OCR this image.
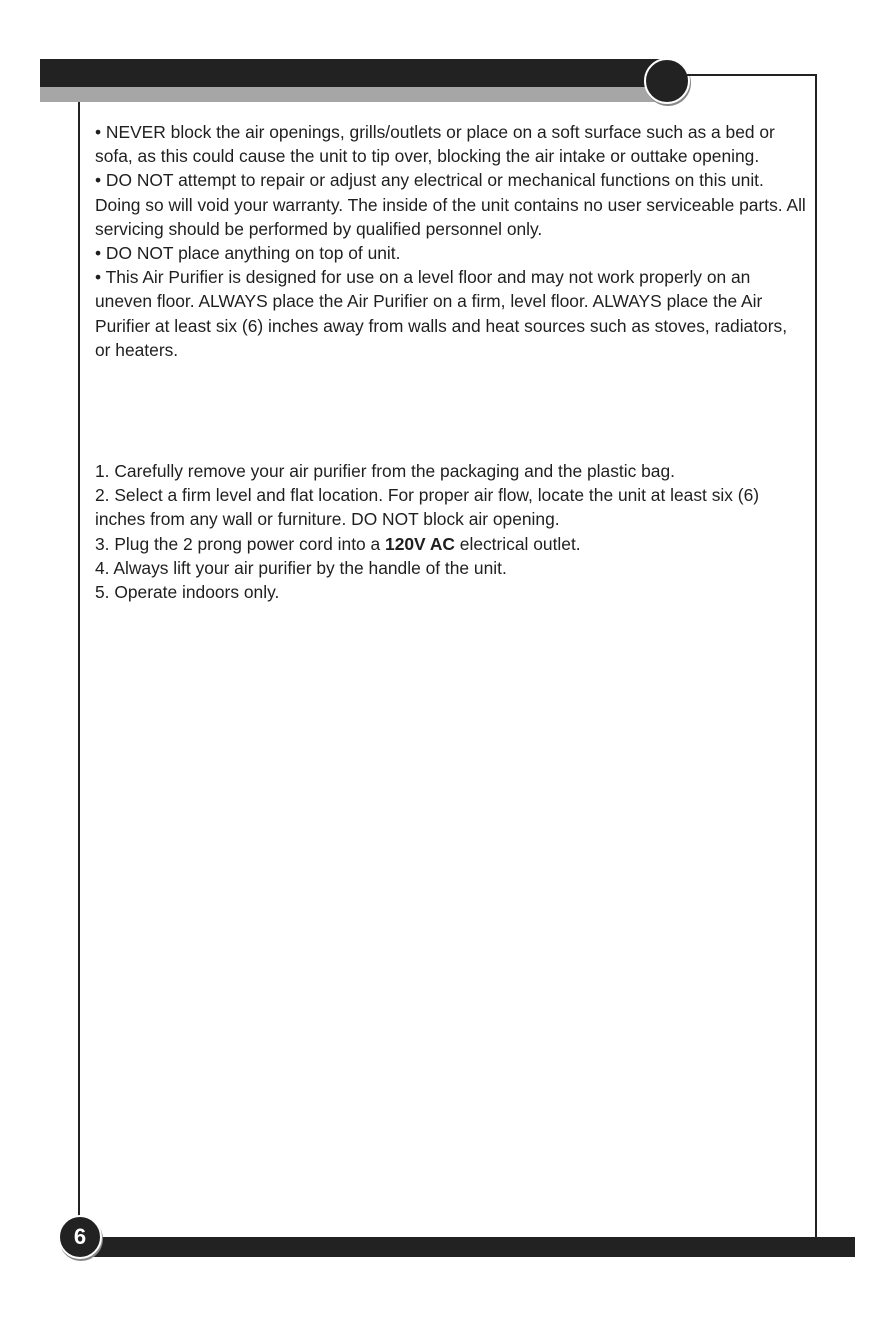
• NEVER block the air openings, grills/outlets or place on a soft surface such as a bed or sofa, as this could cause the unit to tip over, blocking the air intake or outtake opening.

• DO NOT attempt to repair or adjust any electrical or mechanical functions on this unit. Doing so will void your warranty. The inside of the unit contains no user serviceable parts. All servicing should be performed by qualified personnel only.

• DO NOT place anything on top of unit.

• This Air Purifier is designed for use on a level floor and may not work properly on an uneven floor. ALWAYS place the Air Purifier on a firm, level floor. ALWAYS place the Air Purifier at least six (6) inches away from walls and heat sources such as stoves, radiators, or heaters.

1. Carefully remove your air purifier from the packaging and the plastic bag.

2. Select a firm level and flat location. For proper air flow, locate the unit at least six (6) inches from any wall or furniture. DO NOT block air opening.

3. Plug the 2 prong power cord into a 120V AC electrical outlet.

4. Always lift your air purifier by the handle of the unit.

5. Operate indoors only.

6
